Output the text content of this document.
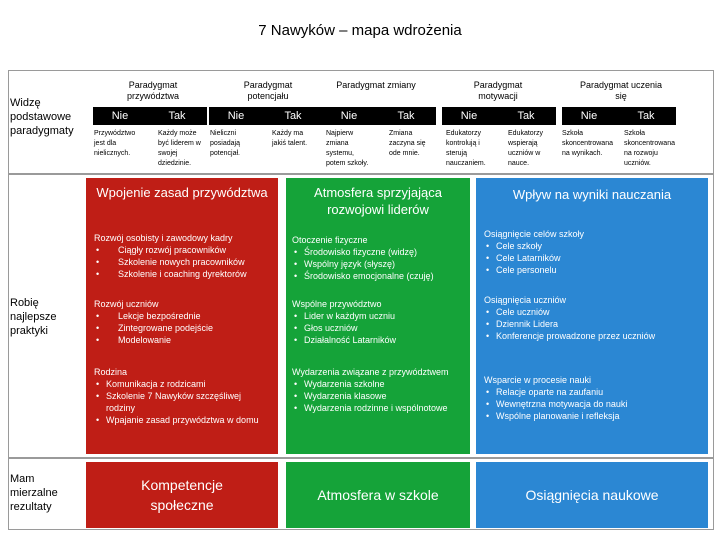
7 Nawyków – mapa wdrożenia
Widzę podstawowe paradygmaty
Robię najlepsze praktyki
Mam mierzalne rezultaty
Paradygmat przywództwa
Nie	Tak
Przywództwo jest dla nielicznych.
Każdy może być liderem w swojej dziedzinie.
Paradygmat potencjału
Nie	Tak
Nieliczni posiadają potencjał.
Każdy ma jakiś talent.
Paradygmat zmiany
Nie	Tak
Najpierw zmiana systemu, potem szkoły.
Zmiana zaczyna się ode mnie.
Paradygmat motywacji
Nie	Tak
Edukatorzy kontrolują i sterują nauczaniem.
Edukatorzy wspierają uczniów w nauce.
Paradygmat uczenia się
Nie	Tak
Szkoła skoncentrowana na wynikach.
Szkoła skoncentrowana na rozwoju uczniów.
Wpojenie zasad przywództwa
Rozwój osobisty i zawodowy kadry
• Ciągły rozwój pracowników
• Szkolenie nowych pracowników
• Szkolenie i coaching dyrektorów
Rozwój uczniów
• Lekcje bezpośrednie
• Zintegrowane podejście
• Modelowanie
Rodzina
• Komunikacja z rodzicami
• Szkolenie 7 Nawyków szczęśliwej rodziny
• Wpajanie zasad przywództwa w domu
Atmosfera sprzyjająca rozwojowi liderów
Otoczenie fizyczne
• Środowisko fizyczne (widzę)
• Wspólny język (słyszę)
• Środowisko emocjonalne (czuję)
Wspólne przywództwo
• Lider w każdym uczniu
• Głos uczniów
• Działalność Latarników
Wydarzenia związane z przywództwem
• Wydarzenia szkolne
• Wydarzenia klasowe
• Wydarzenia rodzinne i wspólnotowe
Wpływ na wyniki nauczania
Osiągnięcie celów szkoły
• Cele szkoły
• Cele Latarników
• Cele personelu
Osiągnięcia uczniów
• Cele uczniów
• Dziennik Lidera
• Konferencje prowadzone przez uczniów
Wsparcie w procesie nauki
• Relacje oparte na zaufaniu
• Wewnętrzna motywacja do nauki
• Wspólne planowanie i refleksja
Kompetencje społeczne
Atmosfera w szkole	Osiągnięcia naukowe
